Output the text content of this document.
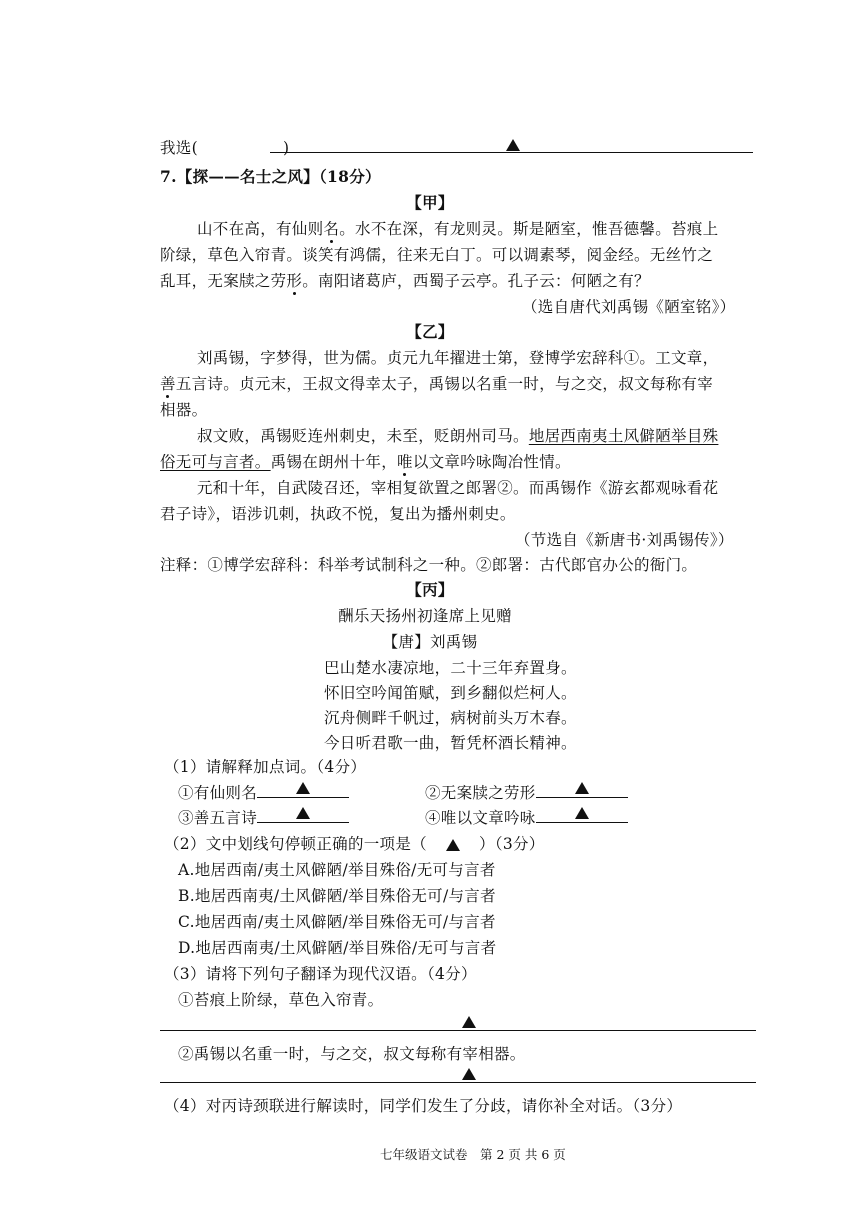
我选(	)
7.【探——名士之风】（18分）
【甲】
山不在高，有仙则名。水不在深，有龙则灵。斯是陋室，惟吾德馨。苔痕上
阶绿，草色入帘青。谈笑有鸿儒，往来无白丁。可以调素琴，阅金经。无丝竹之
乱耳，无案牍之劳形。南阳诸葛庐，西蜀子云亭。孔子云：何陋之有？
（选自唐代刘禹锡《陋室铭》）
【乙】
刘禹锡，字梦得，世为儒。贞元九年擢进士第，登博学宏辞科①。工文章，
善五言诗。贞元末，王叔文得幸太子，禹锡以名重一时，与之交，叔文每称有宰
相器。
叔文败，禹锡贬连州刺史，未至，贬朗州司马。地居西南夷土风僻陋举目殊
俗无可与言者。禹锡在朗州十年，唯以文章吟咏陶冶性情。
元和十年，自武陵召还，宰相复欲置之郎署②。而禹锡作《游玄都观咏看花
君子诗》，语涉讥刺，执政不悦，复出为播州刺史。
（节选自《新唐书·刘禹锡传》）
注释：①博学宏辞科：科举考试制科之一种。②郎署：古代郎官办公的衙门。
【丙】
酬乐天扬州初逢席上见赠
【唐】刘禹锡
巴山楚水凄凉地，二十三年弃置身。
怀旧空吟闻笛赋，到乡翻似烂柯人。
沉舟侧畔千帆过，病树前头万木春。
今日听君歌一曲，暂凭杯酒长精神。
（1）请解释加点词。（4分）
①有仙则名	②无案牍之劳形
③善五言诗	④唯以文章吟咏
（2）文中划线句停顿正确的一项是（	）（3分）
A.地居西南/夷土风僻陋/举目殊俗/无可与言者
B.地居西南夷/土风僻陋/举目殊俗无可/与言者
C.地居西南/夷土风僻陋/举目殊俗无可/与言者
D.地居西南夷/土风僻陋/举目殊俗/无可与言者
（3）请将下列句子翻译为现代汉语。（4分）
①苔痕上阶绿，草色入帘青。
②禹锡以名重一时，与之交，叔文每称有宰相器。
（4）对丙诗颈联进行解读时，同学们发生了分歧，请你补全对话。（3分）
七年级语文试卷　第 2 页 共 6 页
